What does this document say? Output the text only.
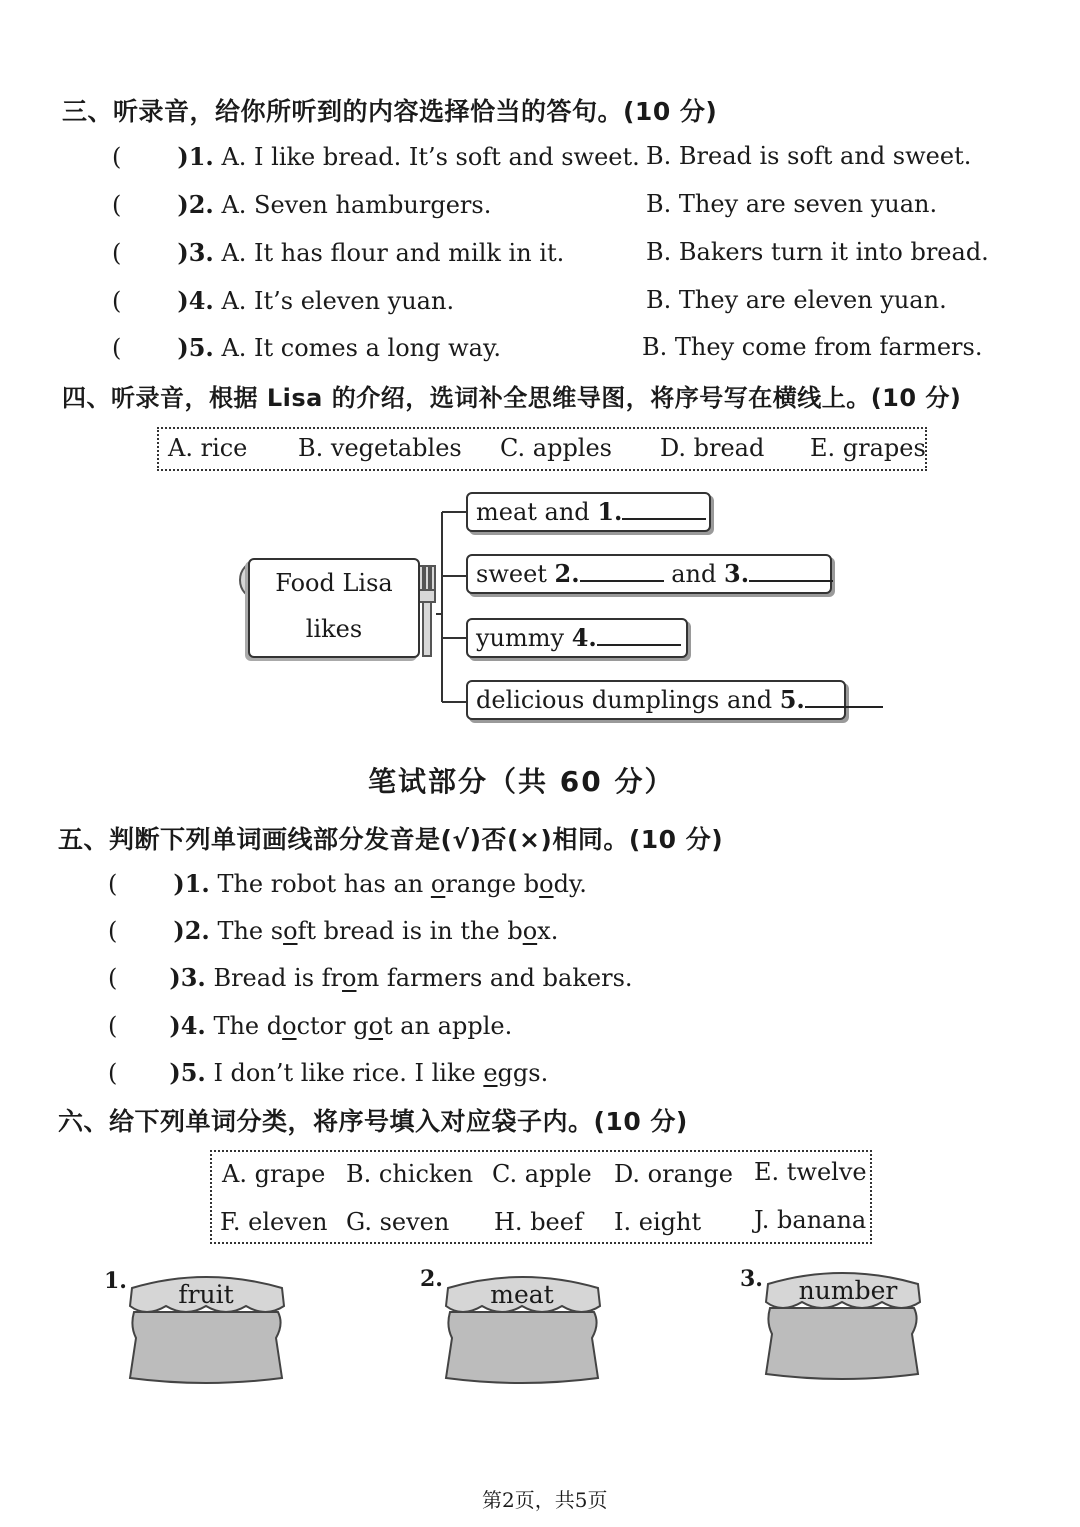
三、听录音，给你所听到的内容选择恰当的答句。(10 分)
( )1. A. I like bread. It’s soft and sweet. B. Bread is soft and sweet.
( )2. A. Seven hamburgers.	B. They are seven yuan.
( )3. A. It has flour and milk in it.	B. Bakers turn it into bread.
( )4. A. It’s eleven yuan.	B. They are eleven yuan.
( )5. A. It comes a long way.	B. They come from farmers.
四、听录音，根据 Lisa 的介绍，选词补全思维导图，将序号写在横线上。(10 分)
A. rice B. vegetables C. apples D. bread E. grapes
Food Lisa
likes
meat and 1.
sweet 2.	and 3.
yummy 4.
delicious dumplings and 5.
笔试部分（共 60 分）
五、判断下列单词画线部分发音是(√)否(×)相同。(10 分)
( )1. The robot has an orange body.
( )2. The soft bread is in the box.
( )3. Bread is from farmers and bakers.
( )4. The doctor got an apple.
( )5. I don’t like rice. I like eggs.
六、给下列单词分类，将序号填入对应袋子内。(10 分)
A. grape B. chicken C. apple D. orange E. twelve
F. eleven G. seven H. beef I. eight J. banana
1.	fruit
2.
meat
3.	number
第2页，共5页
